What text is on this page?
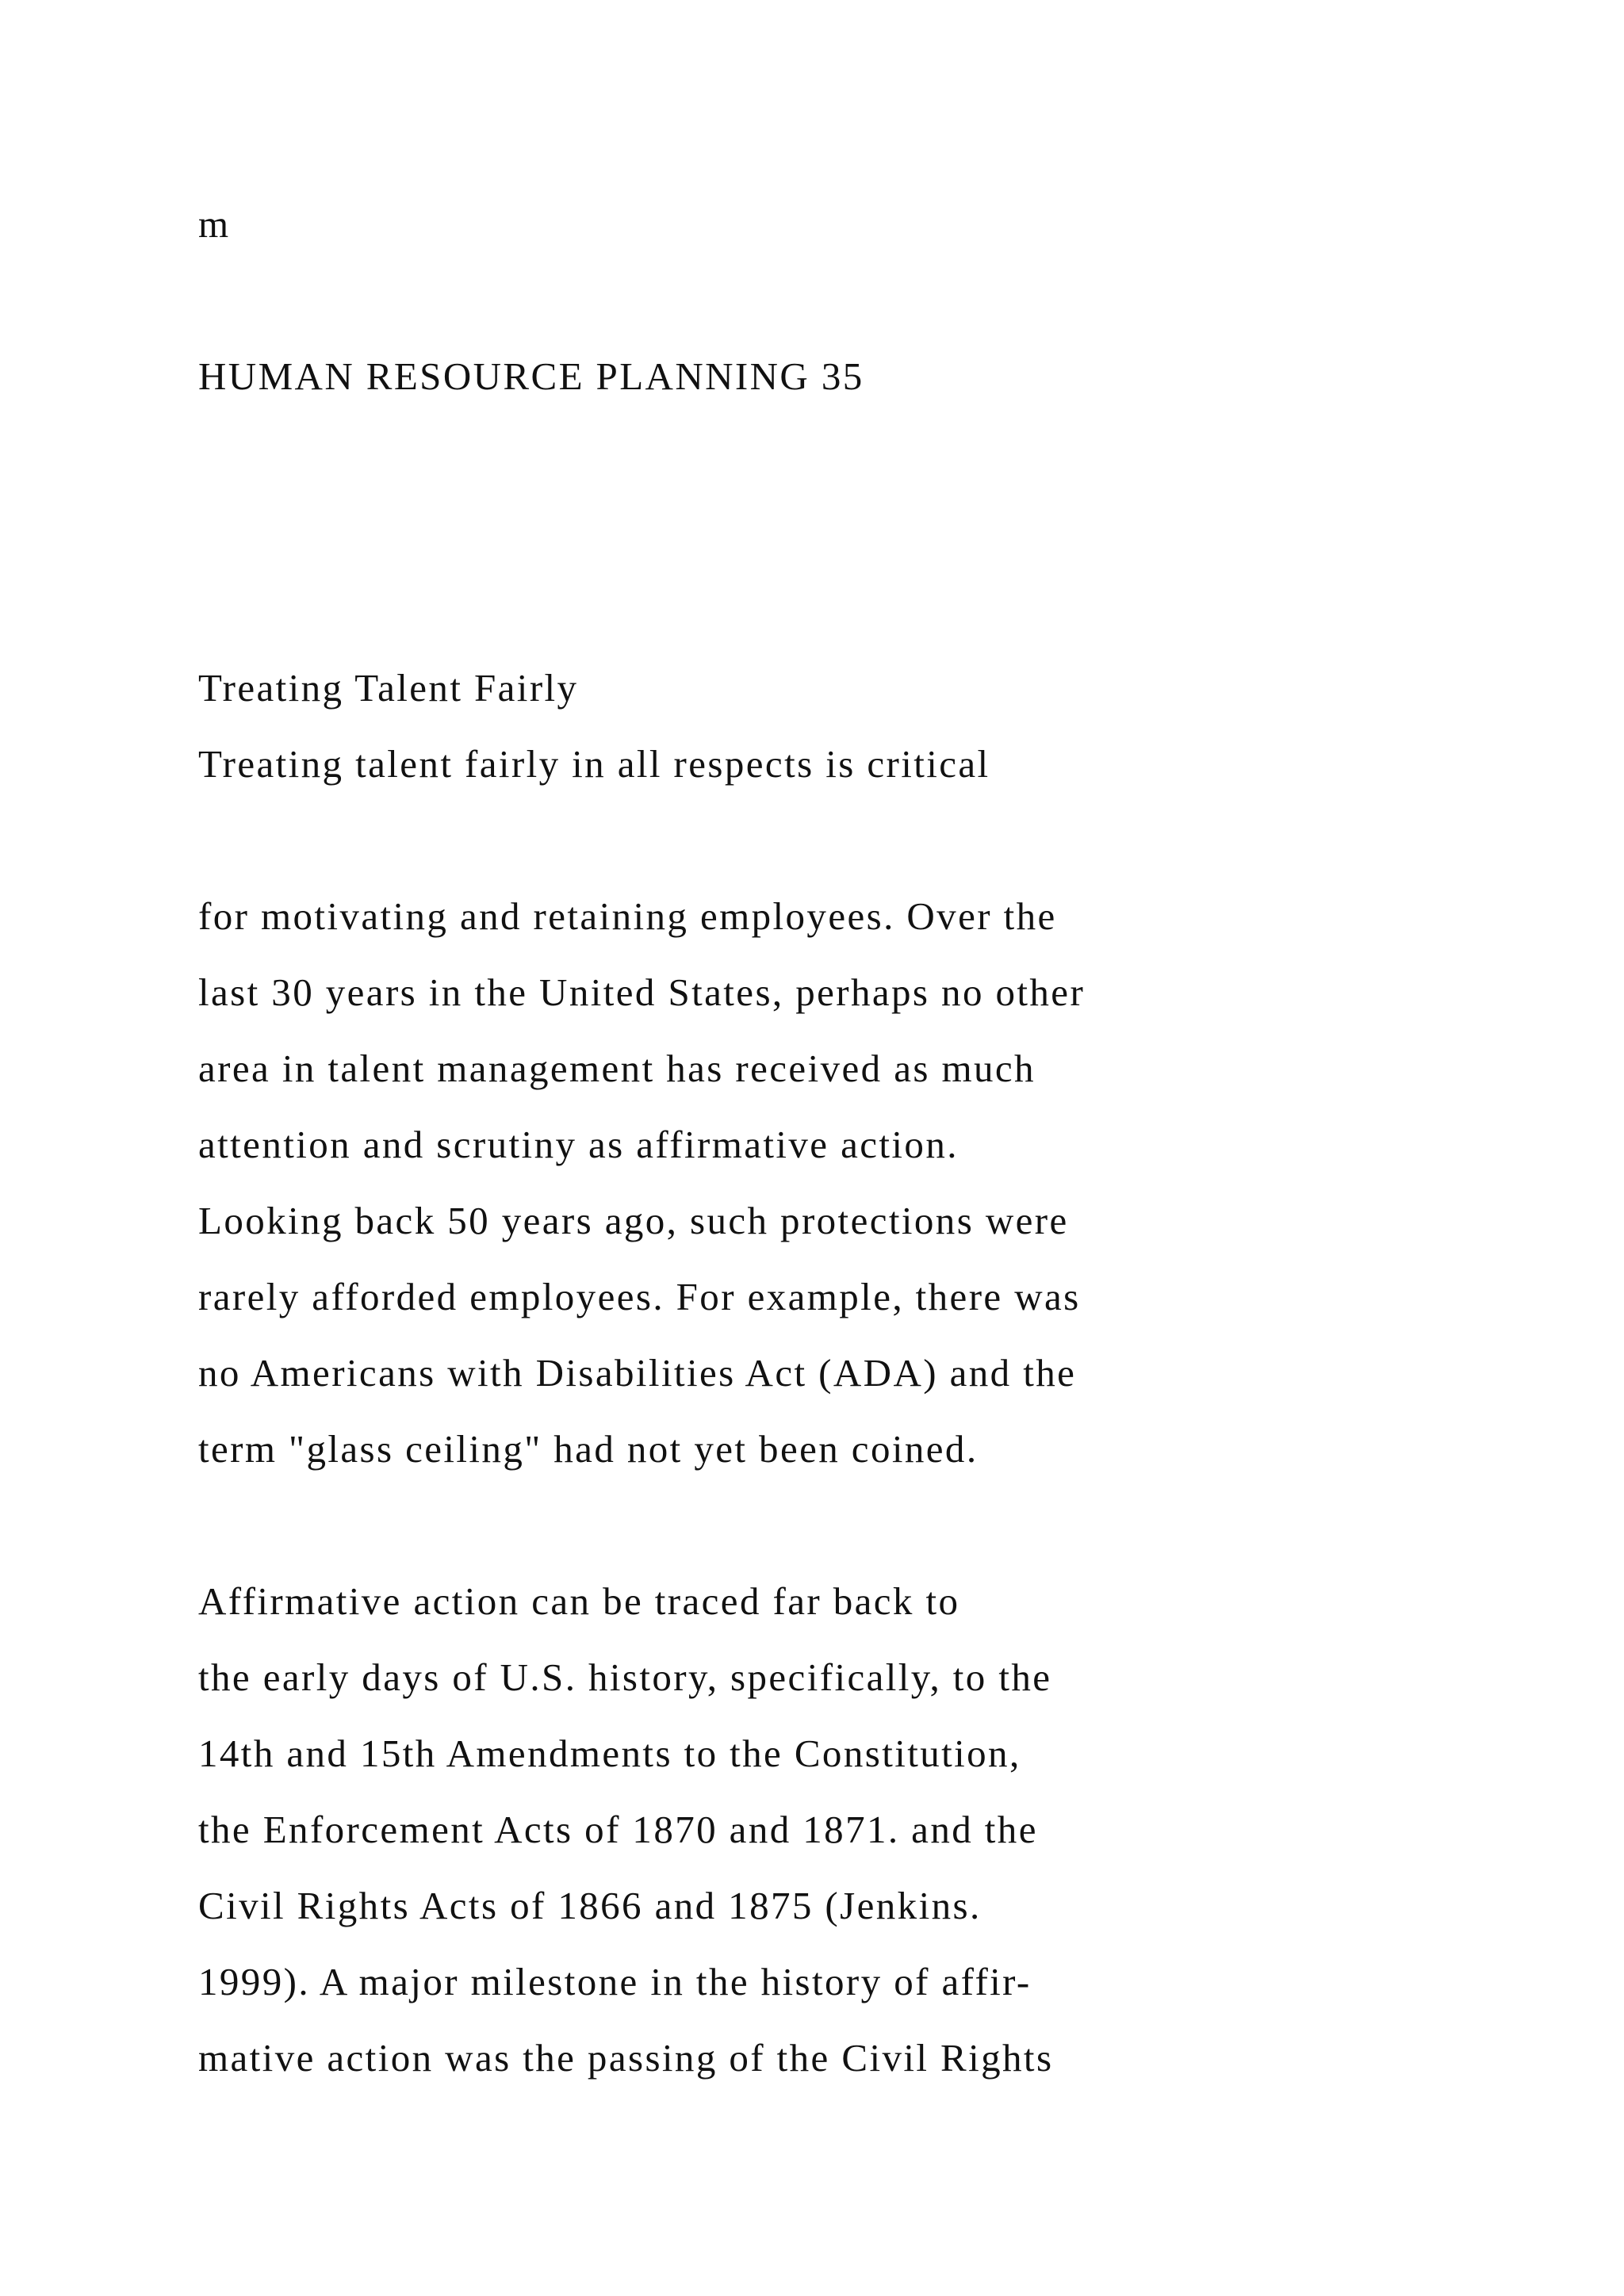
m

HUMAN RESOURCE PLANNING 35

Treating Talent Fairly

Treating talent fairly in all respects is critical

for motivating and retaining employees. Over the

last 30 years in the United States, perhaps no other

area in talent management has received as much

attention and scrutiny as affirmative action.

Looking back 50 years ago, such protections were

rarely afforded employees. For example, there was

no Americans with Disabilities Act (ADA) and the

term "glass ceiling" had not yet been coined.

Affirmative action can be traced far back to

the early days of U.S. history, specifically, to the

14th and 15th Amendments to the Constitution,

the Enforcement Acts of 1870 and 1871. and the

Civil Rights Acts of 1866 and 1875 (Jenkins.

1999). A major milestone in the history of affir-

mative action was the passing of the Civil Rights
